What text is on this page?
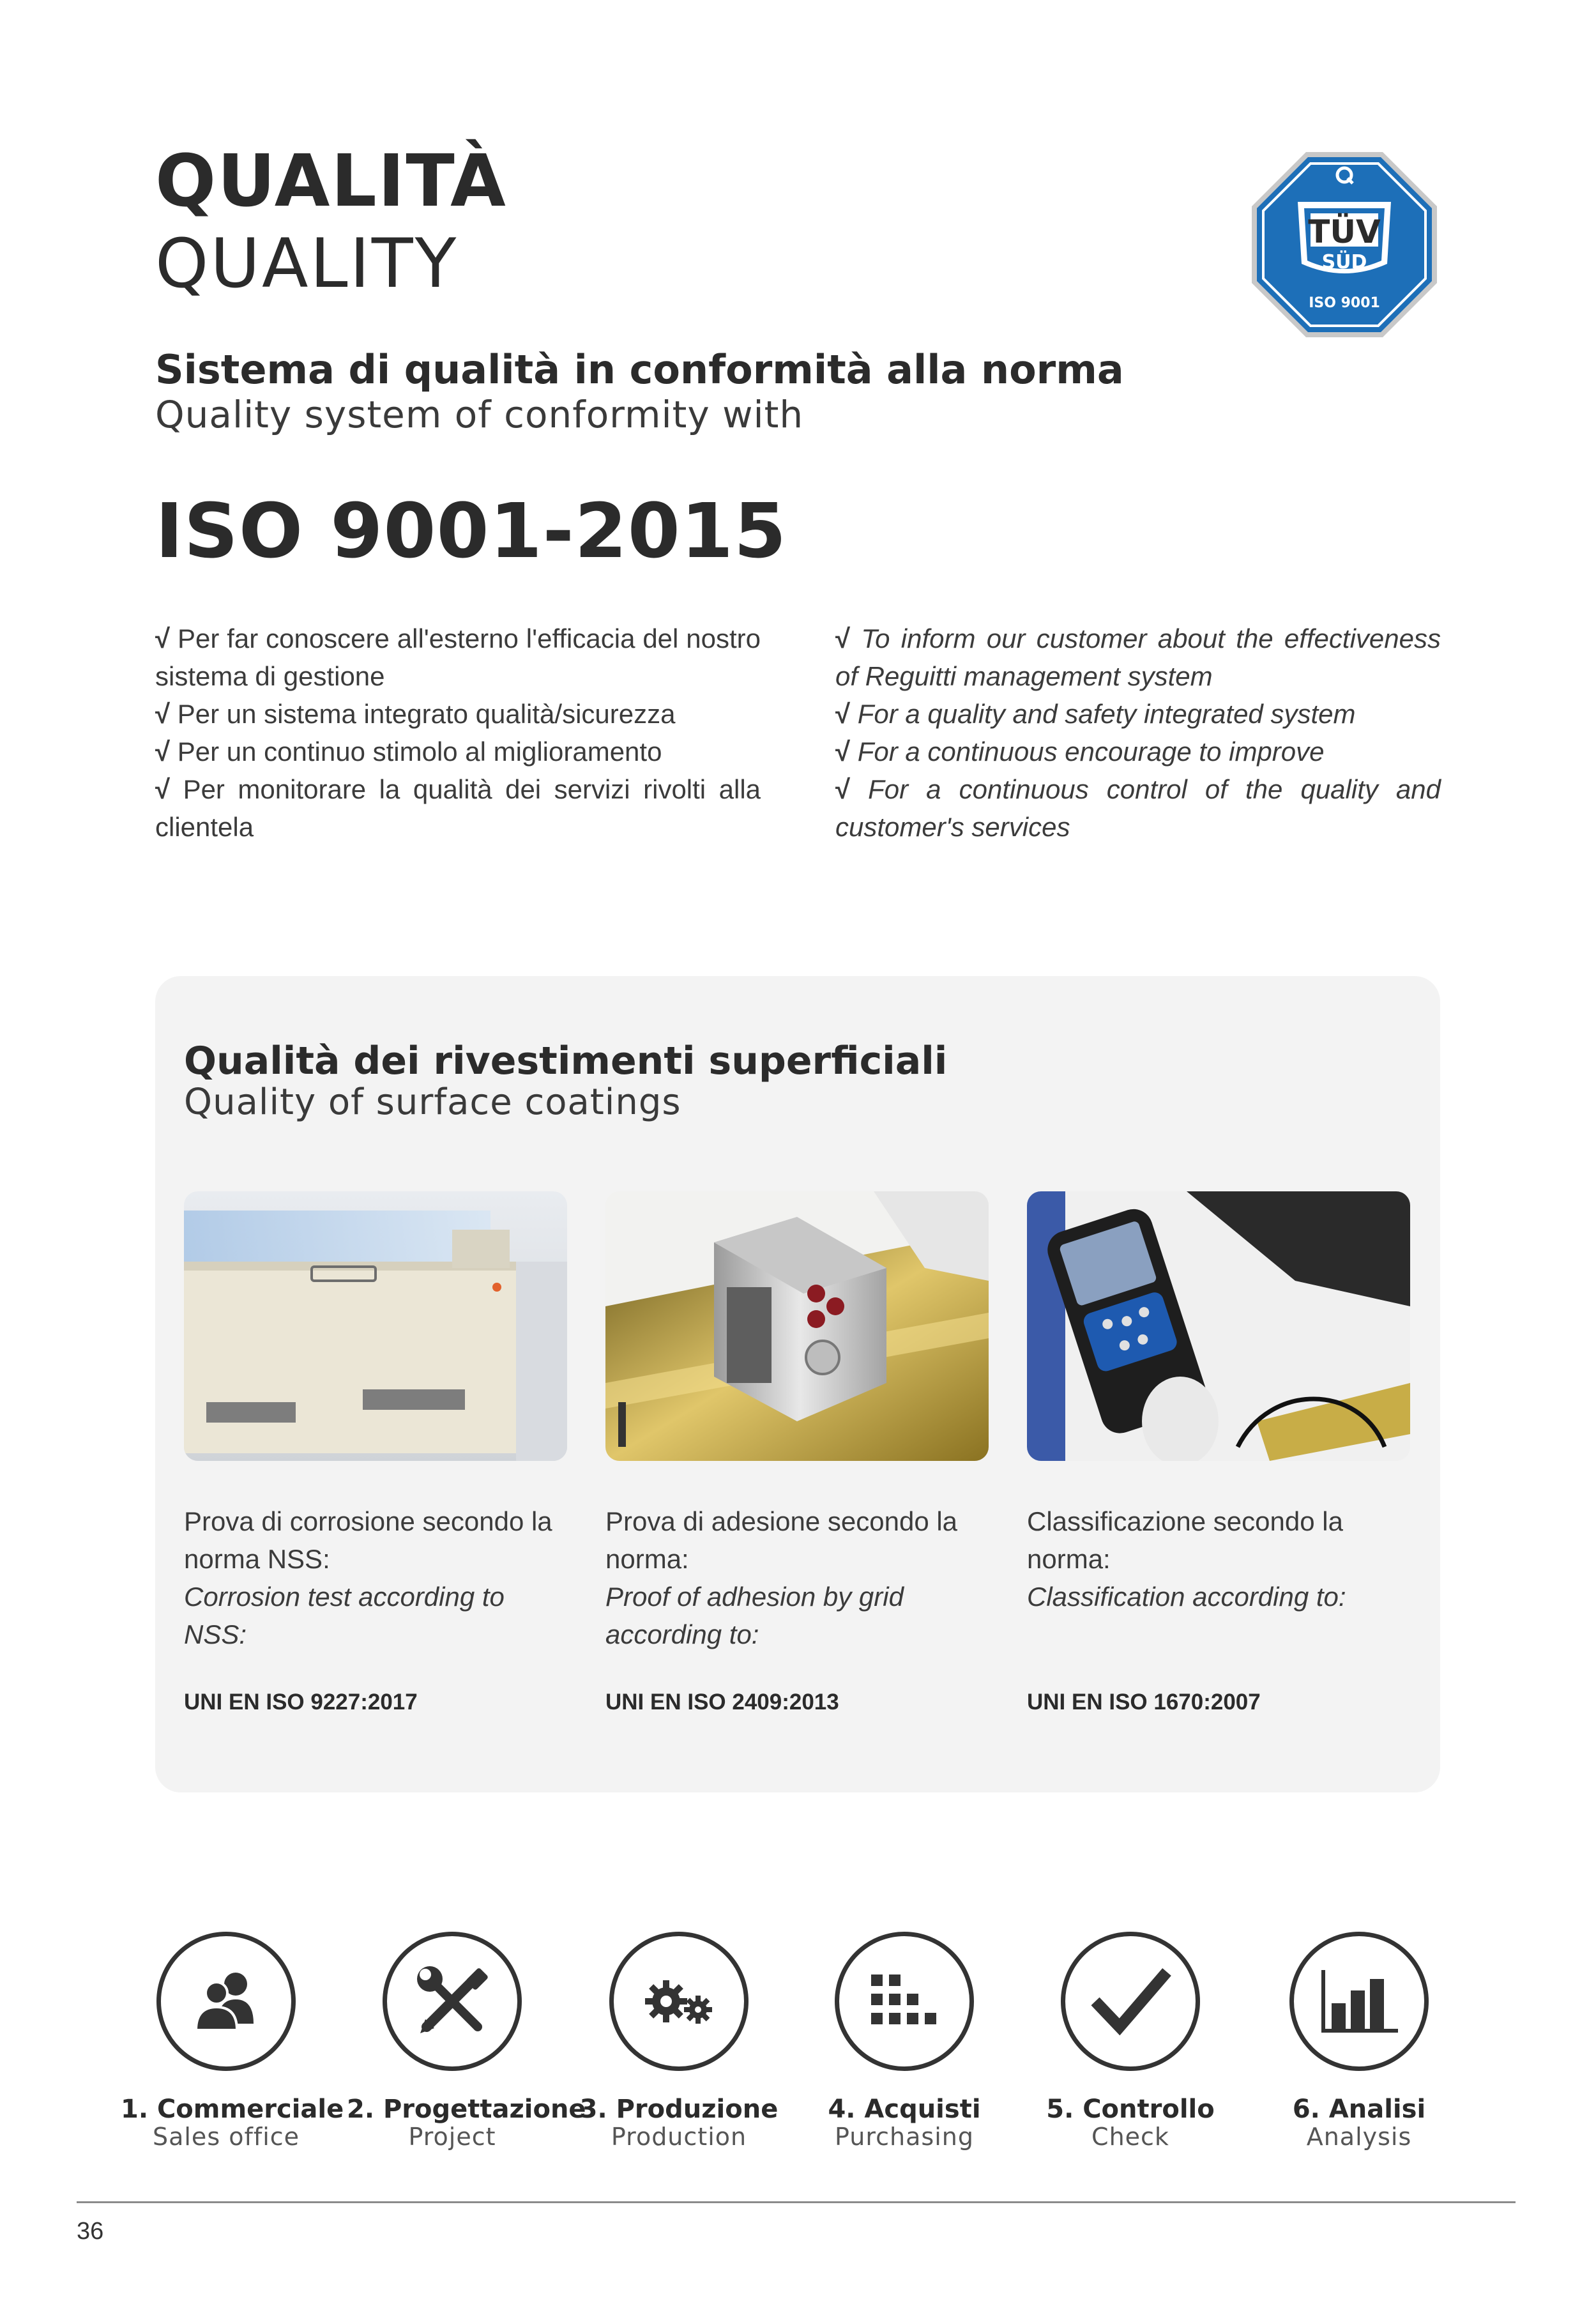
QUALITÀ
QUALITY	TÜV
SÜD
ISO 9001
Sistema di qualità in conformità alla norma
Quality system of conformity with
ISO 9001-2015

√ Per far conoscere all'esterno l'efficacia del nostro sistema di gestione

√ Per un sistema integrato qualità/sicurezza

√ Per un continuo stimolo al miglioramento

√ Per monitorare la qualità dei servizi rivolti alla clientela

√ To inform our customer about the effectiveness of Reguitti management system

√ For a quality and safety integrated system

√ For a continuous encourage to improve

√ For a continuous control of the quality and customer's services

Qualità dei rivestimenti superficiali
Quality of surface coatings
Prova di corrosione secondo la norma NSS:
Corrosion test according to NSS:
UNI EN ISO 9227:2017
Prova di adesione secondo la norma:
Proof of adhesion by grid according to:
UNI EN ISO 2409:2013
Classificazione secondo la norma:
Classification according to:
UNI EN ISO 1670:2007
1. Commerciale
Sales office
2. Progettazione
Project
3. Produzione
Production
4. Acquisti
Purchasing
5. Controllo
Check
6. Analisi
Analysis
36
